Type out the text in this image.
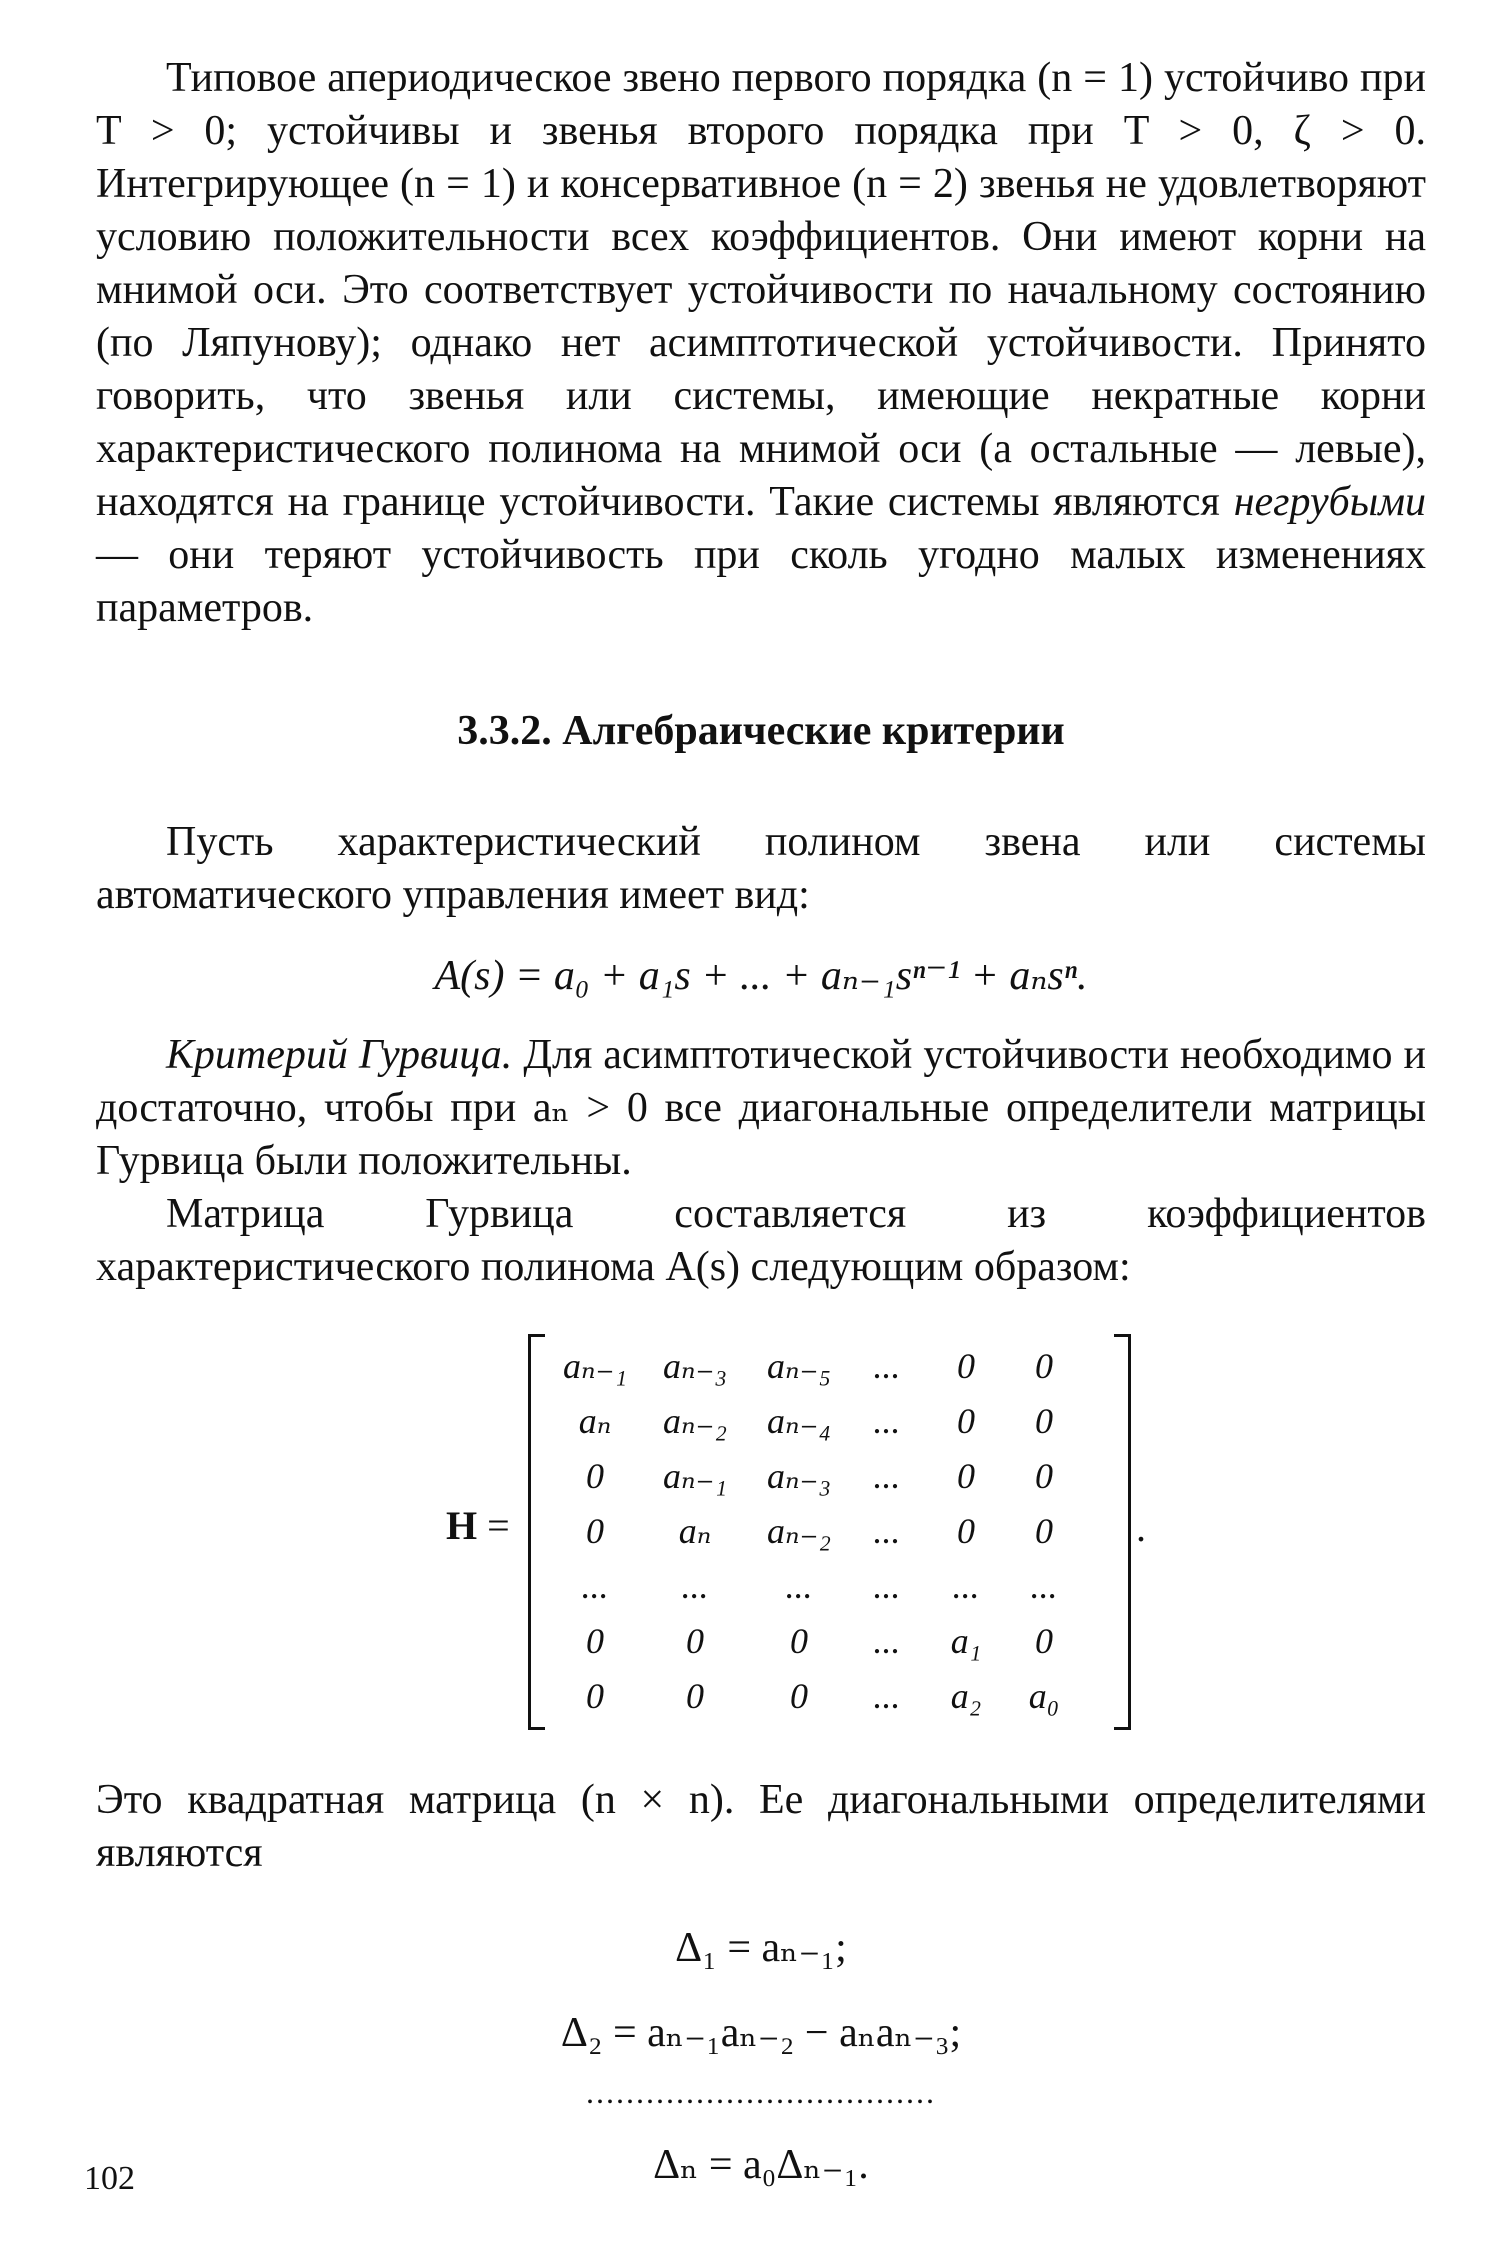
Типовое апериодическое звено первого порядка (n = 1) устойчиво при T > 0; устойчивы и звенья второго порядка при T > 0, ζ > 0. Интегрирующее (n = 1) и консервативное (n = 2) звенья не удовлетворяют условию положительности всех коэффициентов. Они имеют корни на мнимой оси. Это соответствует устойчивости по начальному состоянию (по Ляпунову); однако нет асимптотической устойчивости. Принято говорить, что звенья или системы, имеющие некратные корни характеристического полинома на мнимой оси (а остальные — левые), находятся на границе устойчивости. Такие системы являются негрубыми — они теряют устойчивость при сколь угодно малых изменениях параметров.

3.3.2. Алгебраические критерии

Пусть характеристический полином звена или системы автоматического управления имеет вид:

A(s) = a₀ + a₁s + ... + aₙ₋₁sⁿ⁻¹ + aₙsⁿ.

Критерий Гурвица. Для асимптотической устойчивости необходимо и достаточно, чтобы при aₙ > 0 все диагональные определители матрицы Гурвица были положительны.

Матрица Гурвица составляется из коэффициентов характеристического полинома A(s) следующим образом:

H =
aₙ₋₁	aₙ₋₃	aₙ₋₅	...	0	0
aₙ	aₙ₋₂	aₙ₋₄	...	0	0
0	aₙ₋₁	aₙ₋₃	...	0	0
0	aₙ	aₙ₋₂	...	0	0
...	...	...	...	...	...
0	0	0	...	a₁	0
0	0	0	...	a₂	a₀
.

Это квадратная матрица (n × n). Ее диагональными определителями являются

Δ₁ = aₙ₋₁;
Δ₂ = aₙ₋₁aₙ₋₂ − aₙaₙ₋₃;
...................................
Δₙ = a₀Δₙ₋₁.
102
